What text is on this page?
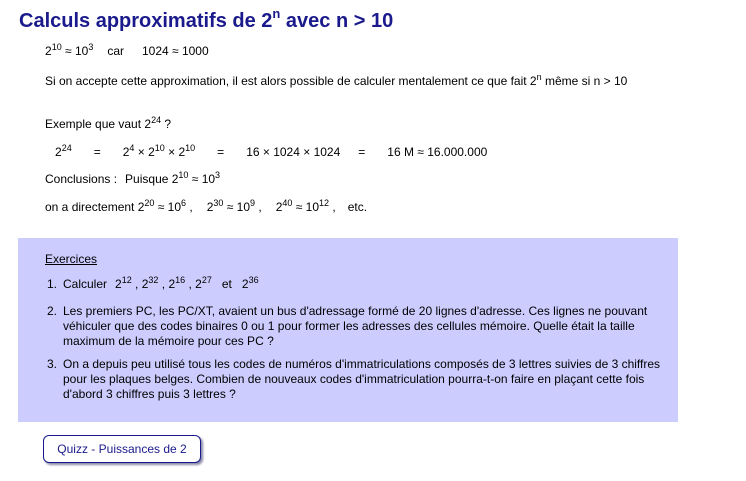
Calculs approximatifs de 2$^n$ avec n > 10
$2^{10} \approx 10^3$ car 1024 ≈ 1000
Si on accepte cette approximation, il est alors possible de calculer mentalement ce que fait 2$^n$ même si n > 10
Exemple que vaut $2^{24}$ ?
$2^{24} = 2^4 \times 2^{10} \times 2^{10} = 16 \times 1024 \times 1024 = 16$ M ≈ 16.000.000
Conclusions : Puisque $2^{10} \approx 10^3$
on a directement $2^{20} \approx 10^6$ , $2^{30} \approx 10^9$ , $2^{40} \approx 10^{12}$ , etc.
Exercices
1. Calculer $2^{12}$ , $2^{32}$ , $2^{16}$ , $2^{27}$ et $2^{36}$
2. Les premiers PC, les PC/XT, avaient un bus d'adressage formé de 20 lignes d'adresse. Ces lignes ne pouvant véhiculer que des codes binaires 0 ou 1 pour former les adresses des cellules mémoire. Quelle était la taille maximum de la mémoire pour ces PC ?
3. On a depuis peu utilisé tous les codes de numéros d'immatriculations composés de 3 lettres suivies de 3 chiffres pour les plaques belges. Combien de nouveaux codes d'immatriculation pourra-t-on faire en plaçant cette fois d'abord 3 chiffres puis 3 lettres ?
Quizz - Puissances de 2
